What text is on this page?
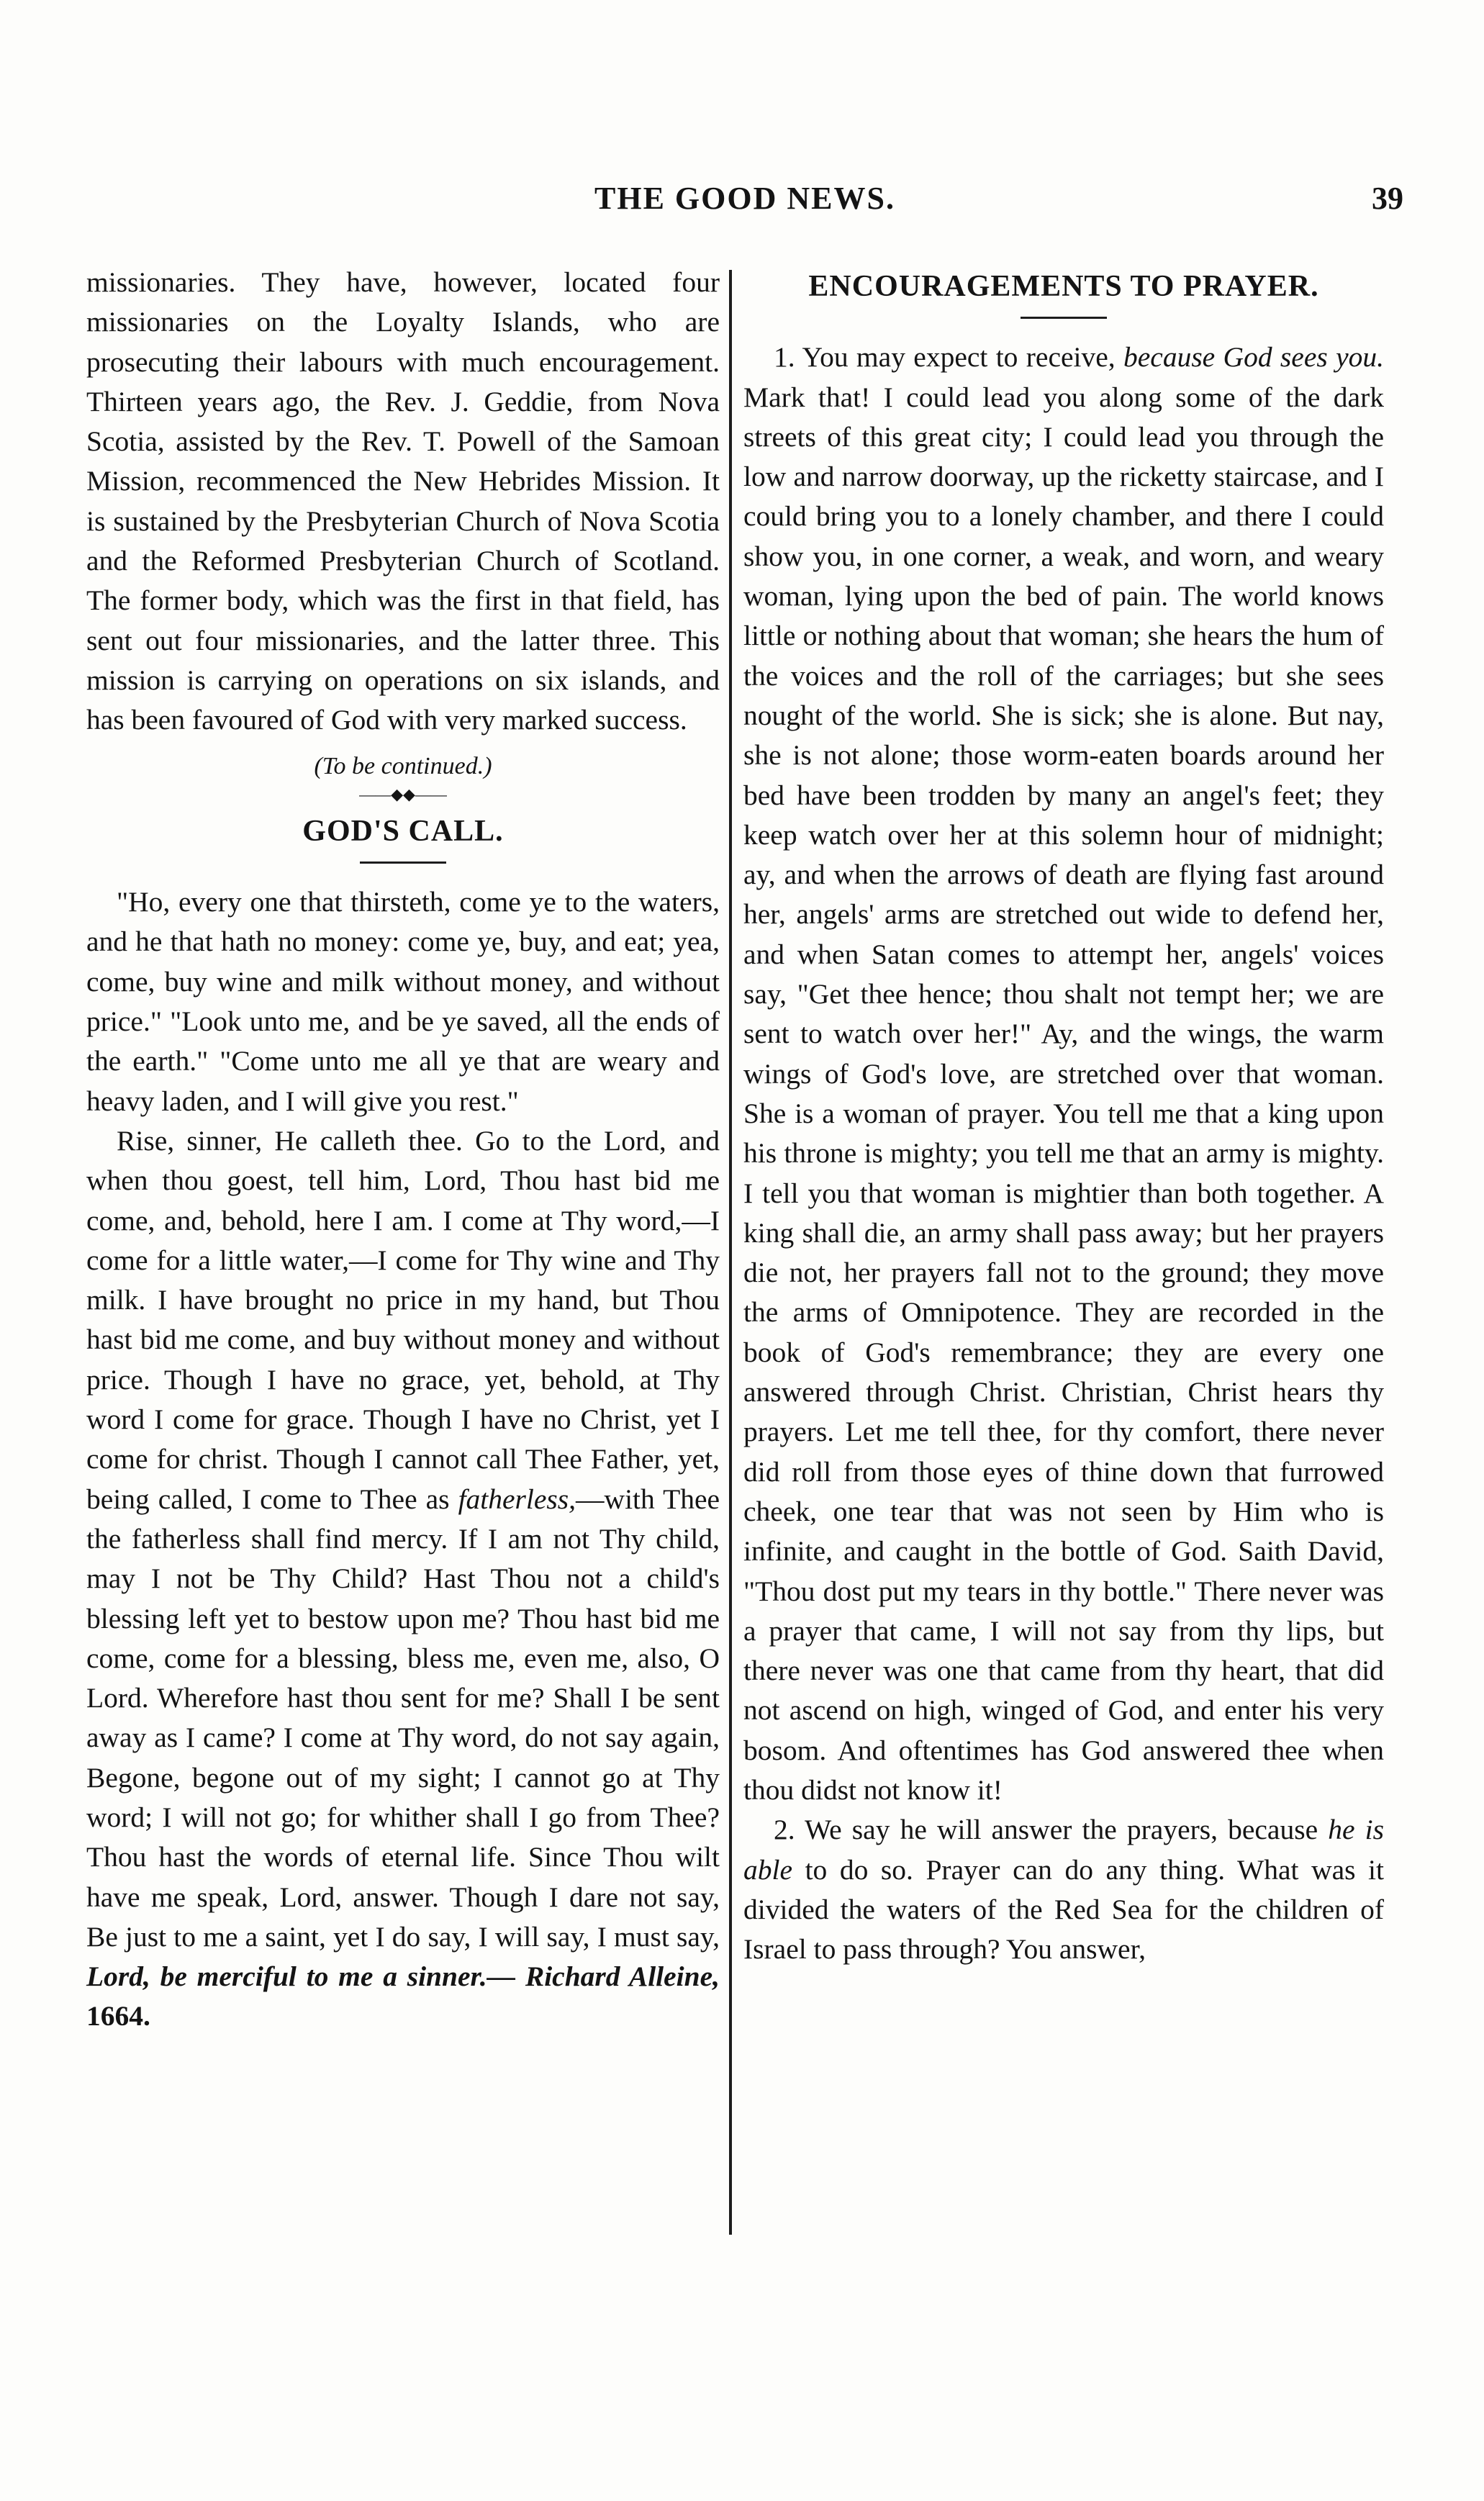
THE GOOD NEWS.	39

missionaries. They have, however, located four missionaries on the Loyalty Islands, who are prosecuting their labours with much encouragement. Thirteen years ago, the Rev. J. Geddie, from Nova Scotia, assisted by the Rev. T. Powell of the Samoan Mission, recommenced the New Hebrides Mission. It is sustained by the Presbyterian Church of Nova Scotia and the Reformed Presbyterian Church of Scotland. The former body, which was the first in that field, has sent out four missionaries, and the latter three. This mission is carrying on operations on six islands, and has been favoured of God with very marked success.

(To be continued.)

——◆◆——

GOD'S CALL.

"Ho, every one that thirsteth, come ye to the waters, and he that hath no money: come ye, buy, and eat; yea, come, buy wine and milk without money, and without price." "Look unto me, and be ye saved, all the ends of the earth." "Come unto me all ye that are weary and heavy laden, and I will give you rest."

Rise, sinner, He calleth thee. Go to the Lord, and when thou goest, tell him, Lord, Thou hast bid me come, and, behold, here I am. I come at Thy word,—I come for a little water,—I come for Thy wine and Thy milk. I have brought no price in my hand, but Thou hast bid me come, and buy without money and without price. Though I have no grace, yet, behold, at Thy word I come for grace. Though I have no Christ, yet I come for christ. Though I cannot call Thee Father, yet, being called, I come to Thee as fatherless,—with Thee the fatherless shall find mercy. If I am not Thy child, may I not be Thy Child? Hast Thou not a child's blessing left yet to bestow upon me? Thou hast bid me come, come for a blessing, bless me, even me, also, O Lord. Wherefore hast thou sent for me? Shall I be sent away as I came? I come at Thy word, do not say again, Begone, begone out of my sight; I cannot go at Thy word; I will not go; for whither shall I go from Thee? Thou hast the words of eternal life. Since Thou wilt have me speak, Lord, answer. Though I dare not say, Be just to me a saint, yet I do say, I will say, I must say, Lord, be merciful to me a sinner.— Richard Alleine, 1664.

ENCOURAGEMENTS TO PRAYER.

1. You may expect to receive, because God sees you. Mark that! I could lead you along some of the dark streets of this great city; I could lead you through the low and narrow doorway, up the ricketty staircase, and I could bring you to a lonely chamber, and there I could show you, in one corner, a weak, and worn, and weary woman, lying upon the bed of pain. The world knows little or nothing about that woman; she hears the hum of the voices and the roll of the carriages; but she sees nought of the world. She is sick; she is alone. But nay, she is not alone; those worm-eaten boards around her bed have been trodden by many an angel's feet; they keep watch over her at this solemn hour of midnight; ay, and when the arrows of death are flying fast around her, angels' arms are stretched out wide to defend her, and when Satan comes to attempt her, angels' voices say, "Get thee hence; thou shalt not tempt her; we are sent to watch over her!" Ay, and the wings, the warm wings of God's love, are stretched over that woman. She is a woman of prayer. You tell me that a king upon his throne is mighty; you tell me that an army is mighty. I tell you that woman is mightier than both together. A king shall die, an army shall pass away; but her prayers die not, her prayers fall not to the ground; they move the arms of Omnipotence. They are recorded in the book of God's remembrance; they are every one answered through Christ. Christian, Christ hears thy prayers. Let me tell thee, for thy comfort, there never did roll from those eyes of thine down that furrowed cheek, one tear that was not seen by Him who is infinite, and caught in the bottle of God. Saith David, "Thou dost put my tears in thy bottle." There never was a prayer that came, I will not say from thy lips, but there never was one that came from thy heart, that did not ascend on high, winged of God, and enter his very bosom. And oftentimes has God answered thee when thou didst not know it!

2. We say he will answer the prayers, because he is able to do so. Prayer can do any thing. What was it divided the waters of the Red Sea for the children of Israel to pass through? You answer,
